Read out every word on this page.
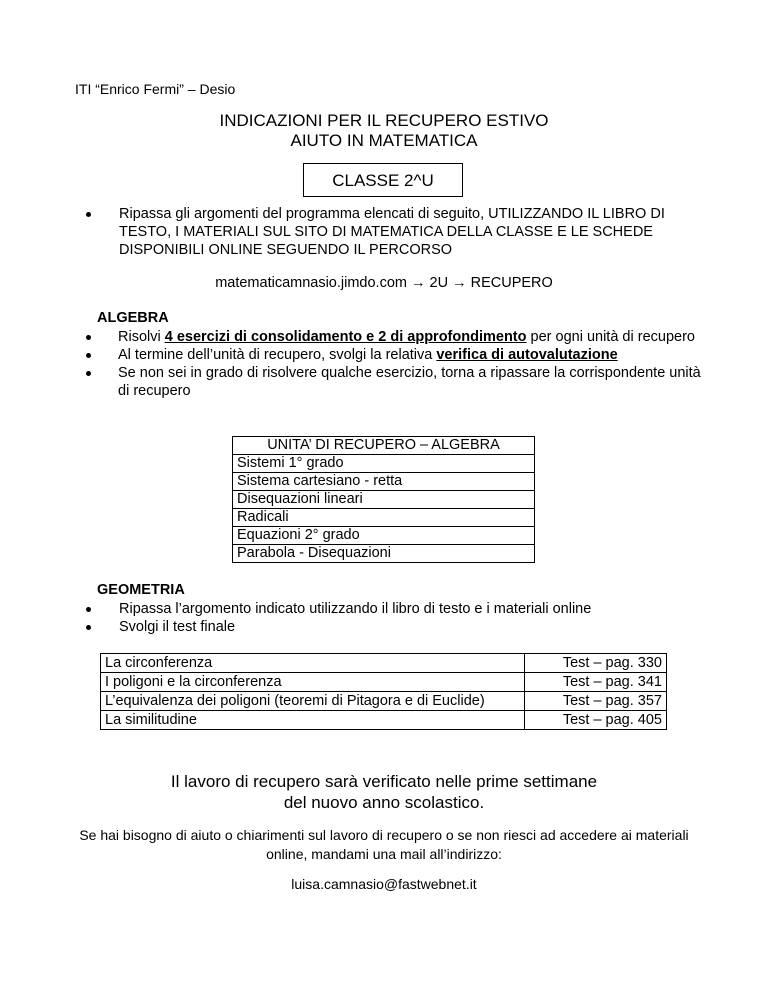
ITI “Enrico Fermi” – Desio
INDICAZIONI PER IL RECUPERO ESTIVO
AIUTO IN MATEMATICA
CLASSE 2^U
Ripassa gli argomenti del programma elencati di seguito, UTILIZZANDO IL LIBRO DI TESTO, I MATERIALI SUL SITO DI MATEMATICA DELLA CLASSE E LE SCHEDE DISPONIBILI ONLINE SEGUENDO IL PERCORSO
matematicamnasio.jimdo.com → 2U → RECUPERO
ALGEBRA
Risolvi 4 esercizi di consolidamento e 2 di approfondimento per ogni unità di recupero
Al termine dell’unità di recupero, svolgi la relativa verifica di autovalutazione
Se non sei in grado di risolvere qualche esercizio, torna a ripassare la corrispondente unità di recupero
UNITA’ DI RECUPERO – ALGEBRA
Sistemi 1° grado
Sistema cartesiano - retta
Disequazioni lineari
Radicali
Equazioni 2° grado
Parabola - Disequazioni
GEOMETRIA
Ripassa l’argomento indicato utilizzando il libro di testo e i materiali online
Svolgi il test finale
La circonferenza	Test – pag. 330
I poligoni e la circonferenza	Test – pag. 341
L’equivalenza dei poligoni (teoremi di Pitagora e di Euclide)	Test – pag. 357
La similitudine	Test – pag. 405
Il lavoro di recupero sarà verificato nelle prime settimane
del nuovo anno scolastico.
Se hai bisogno di aiuto o chiarimenti sul lavoro di recupero o se non riesci ad accedere ai materiali online, mandami una mail all’indirizzo:
luisa.camnasio@fastwebnet.it
